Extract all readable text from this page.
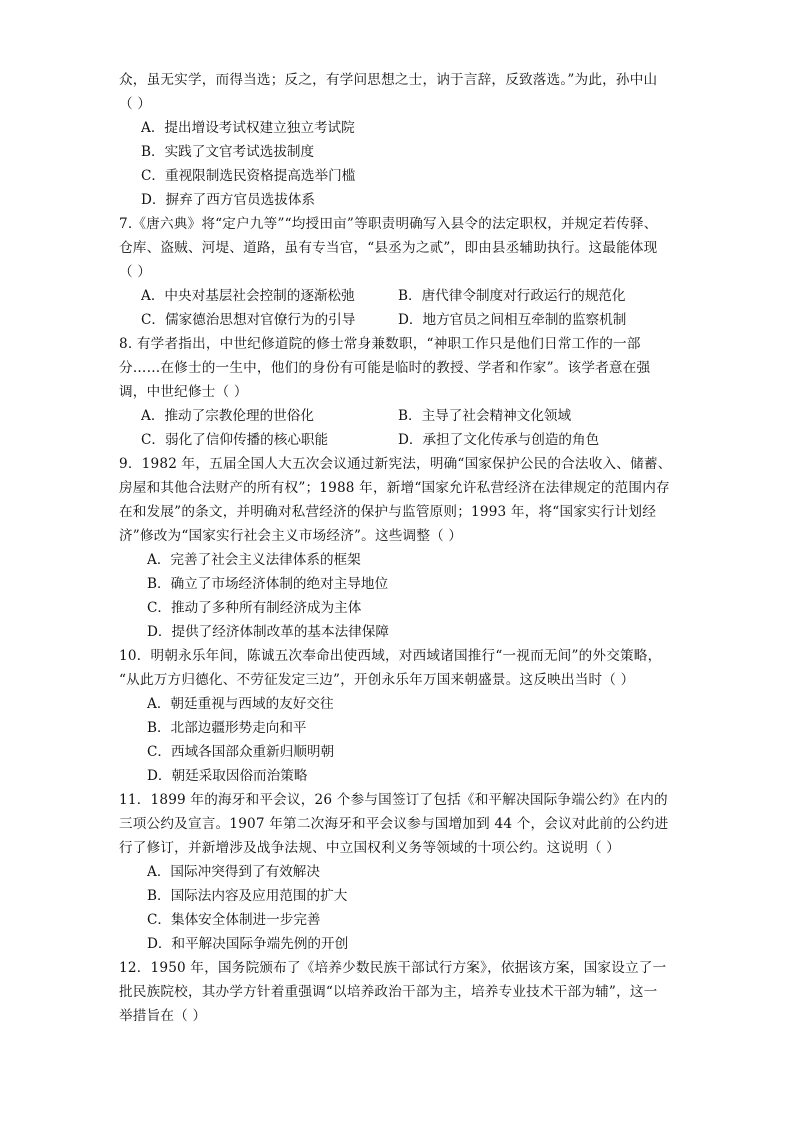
众，虽无实学，而得当选；反之，有学问思想之士，讷于言辞，反致落选。”为此，孙中山
（ ）
A．提出增设考试权建立独立考试院
B．实践了文官考试选拔制度
C．重视限制选民资格提高选举门槛
D．摒弃了西方官员选拔体系
7.《唐六典》将“定户九等”“均授田亩”等职责明确写入县令的法定职权，并规定若传驿、
仓库、盗贼、河堤、道路，虽有专当官，“县丞为之贰”，即由县丞辅助执行。这最能体现
（ ）
A．中央对基层社会控制的逐渐松弛	B．唐代律令制度对行政运行的规范化
C．儒家德治思想对官僚行为的引导	D．地方官员之间相互牵制的监察机制
8. 有学者指出，中世纪修道院的修士常身兼数职，“神职工作只是他们日常工作的一部
分……在修士的一生中，他们的身份有可能是临时的教授、学者和作家”。该学者意在强
调，中世纪修士（ ）
A．推动了宗教伦理的世俗化	B．主导了社会精神文化领域
C．弱化了信仰传播的核心职能	D．承担了文化传承与创造的角色
9．1982 年，五届全国人大五次会议通过新宪法，明确“国家保护公民的合法收入、储蓄、
房屋和其他合法财产的所有权”；1988 年，新增“国家允许私营经济在法律规定的范围内存
在和发展”的条文，并明确对私营经济的保护与监管原则；1993 年，将“国家实行计划经
济”修改为“国家实行社会主义市场经济”。这些调整（ ）
A．完善了社会主义法律体系的框架
B．确立了市场经济体制的绝对主导地位
C．推动了多种所有制经济成为主体
D．提供了经济体制改革的基本法律保障
10．明朝永乐年间，陈诚五次奉命出使西域，对西域诸国推行“一视而无间”的外交策略，
“从此万方归德化、不劳征发定三边”，开创永乐年万国来朝盛景。这反映出当时（ ）
A．朝廷重视与西域的友好交往
B．北部边疆形势走向和平
C．西域各国部众重新归顺明朝
D．朝廷采取因俗而治策略
11．1899 年的海牙和平会议，26 个参与国签订了包括《和平解决国际争端公约》在内的
三项公约及宣言。1907 年第二次海牙和平会议参与国增加到 44 个，会议对此前的公约进
行了修订，并新增涉及战争法规、中立国权利义务等领域的十项公约。这说明（ ）
A．国际冲突得到了有效解决
B．国际法内容及应用范围的扩大
C．集体安全体制进一步完善
D．和平解决国际争端先例的开创
12．1950 年，国务院颁布了《培养少数民族干部试行方案》，依据该方案，国家设立了一
批民族院校，其办学方针着重强调“以培养政治干部为主，培养专业技术干部为辅”，这一
举措旨在（ ）
